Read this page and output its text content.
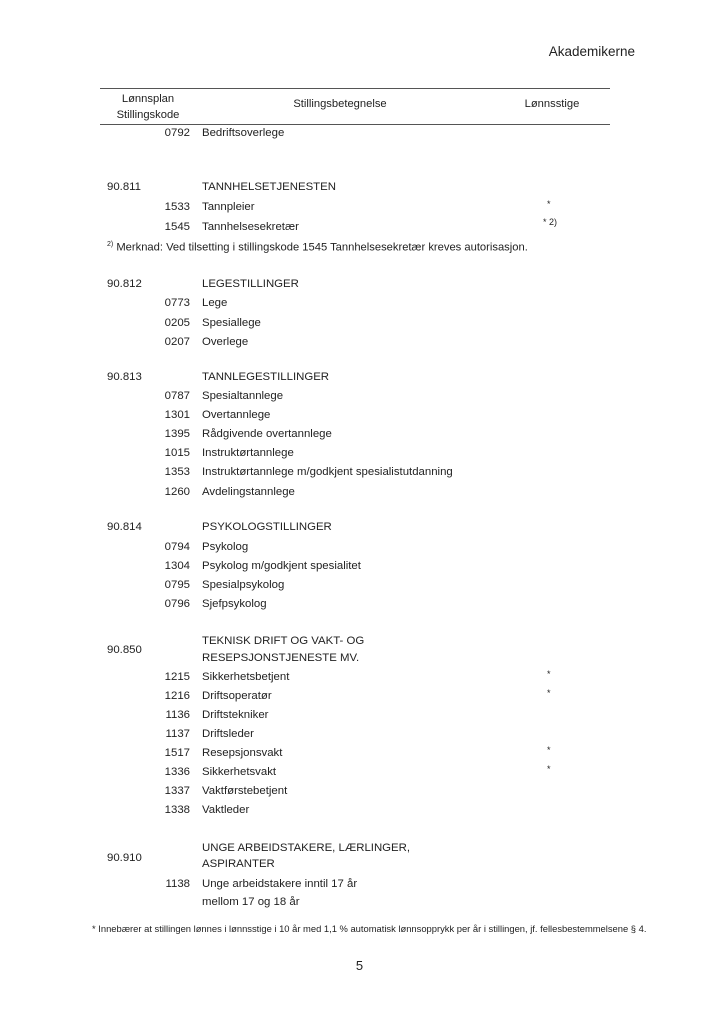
Akademikerne
Lønnsplan
Stillingskode
Stillingsbetegnelse	Lønnsstige
0792 Bedriftsoverlege
90.811	TANNHELSETJENESTEN
1533 Tannpleier	*
1545 Tannhelsesekretær	* 2)
$^{2)}$ Merknad: Ved tilsetting i stillingskode 1545 Tannhelsesekretær kreves autorisasjon.
90.812	LEGESTILLINGER
0773 Lege
0205 Spesiallege
0207 Overlege
90.813	TANNLEGESTILLINGER
0787 Spesialtannlege
1301 Overtannlege
1395 Rådgivende overtannlege
1015 Instruktørtannlege
1353 Instruktørtannlege m/godkjent spesialistutdanning
1260 Avdelingstannlege
90.814	PSYKOLOGSTILLINGER
0794 Psykolog
1304 Psykolog m/godkjent spesialitet
0795 Spesialpsykolog
0796 Sjefpsykolog
90.850
TEKNISK DRIFT OG VAKT- OG
RESEPSJONSTJENESTE MV.
1215 Sikkerhetsbetjent	*
1216 Driftsoperatør	*
1136 Driftstekniker
1137 Driftsleder
1517 Resepsjonsvakt	*
1336 Sikkerhetsvakt	*
1337 Vaktførstebetjent
1338 Vaktleder
90.910
UNGE ARBEIDSTAKERE, LÆRLINGER,
ASPIRANTER
1138 Unge arbeidstakere inntil 17 år
mellom 17 og 18 år
* Innebærer at stillingen lønnes i lønnsstige i 10 år med 1,1 % automatisk lønnsopprykk per år i stillingen, jf. fellesbestemmelsene § 4.
5
